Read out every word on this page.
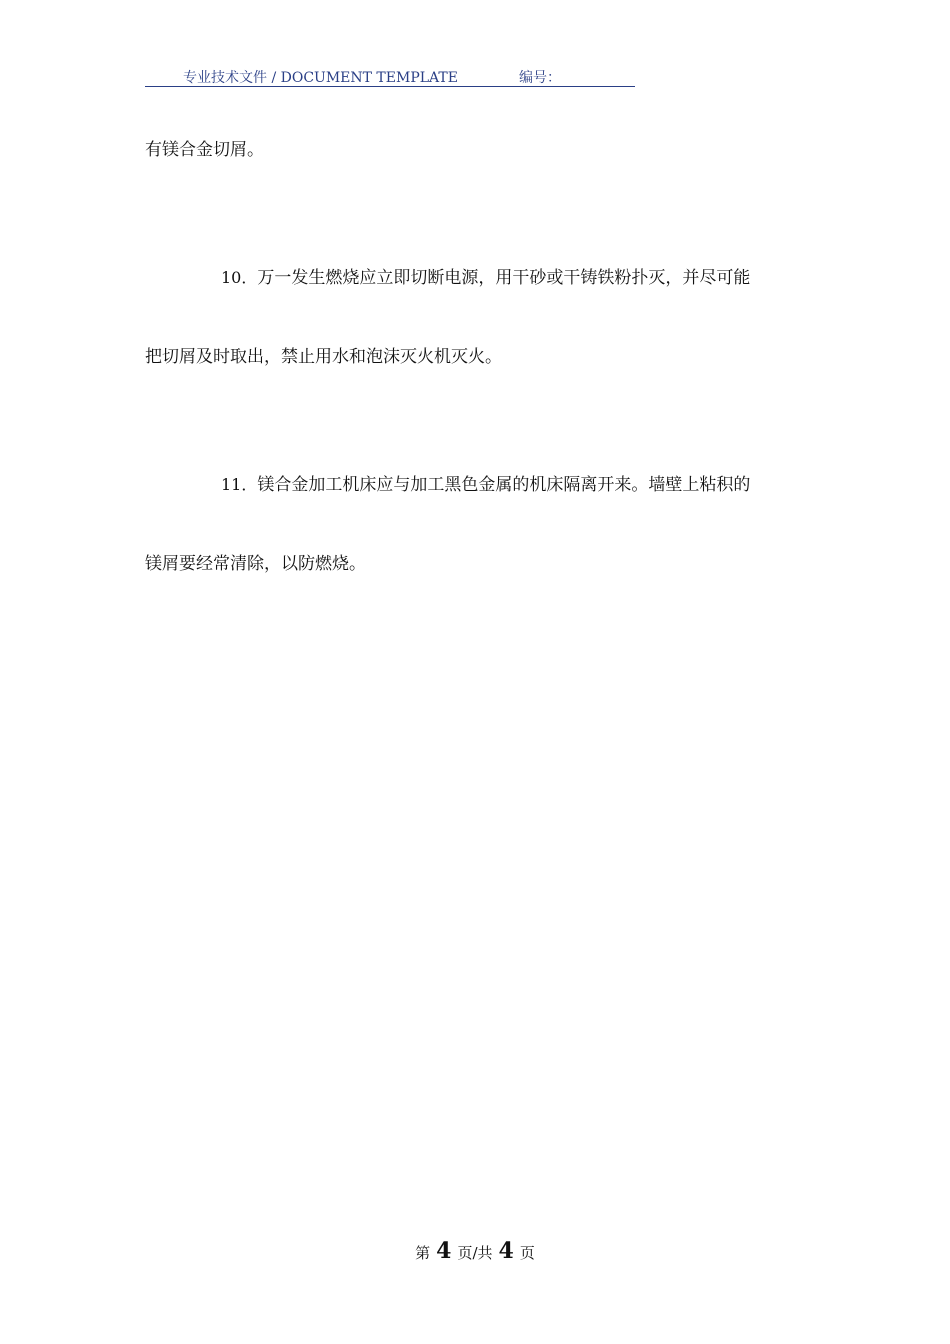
专业技术文件 / DOCUMENT TEMPLATE	编号：
有镁合金切屑。
10．万一发生燃烧应立即切断电源，用干砂或干铸铁粉扑灭，并尽可能
把切屑及时取出，禁止用水和泡沫灭火机灭火。
11．镁合金加工机床应与加工黑色金属的机床隔离开来。墙壁上粘积的
镁屑要经常清除，以防燃烧。
第 4 页/共 4 页
